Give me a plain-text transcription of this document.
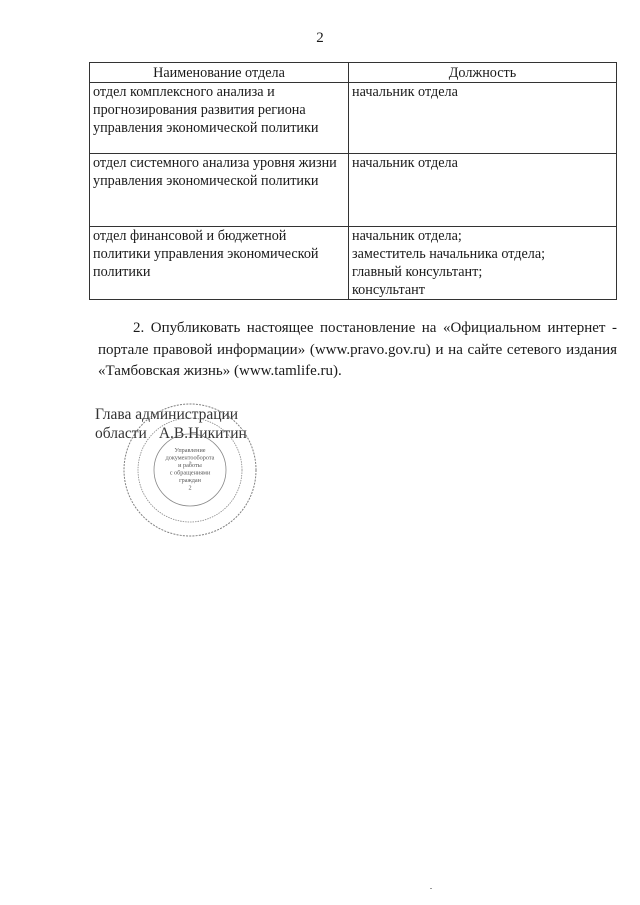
2
Наименование отдела	Должность
отдел комплексного анализа и прогнозирования развития региона управления экономической политики	начальник отдела
отдел системного анализа уровня жизни управления экономической политики	начальник отдела
отдел финансовой и бюджетной политики управления экономической политики	начальник отдела;
заместитель начальника отдела;
главный консультант;
консультант
2. Опубликовать настоящее постановление на «Официальном интернет - портале правовой информации» (www.pravo.gov.ru) и на сайте сетевого издания «Тамбовская жизнь» (www.tamlife.ru).
Глава администрации
области А.В.Никитин
Управление
документооборота
и работы
с обращениями
граждан
2
